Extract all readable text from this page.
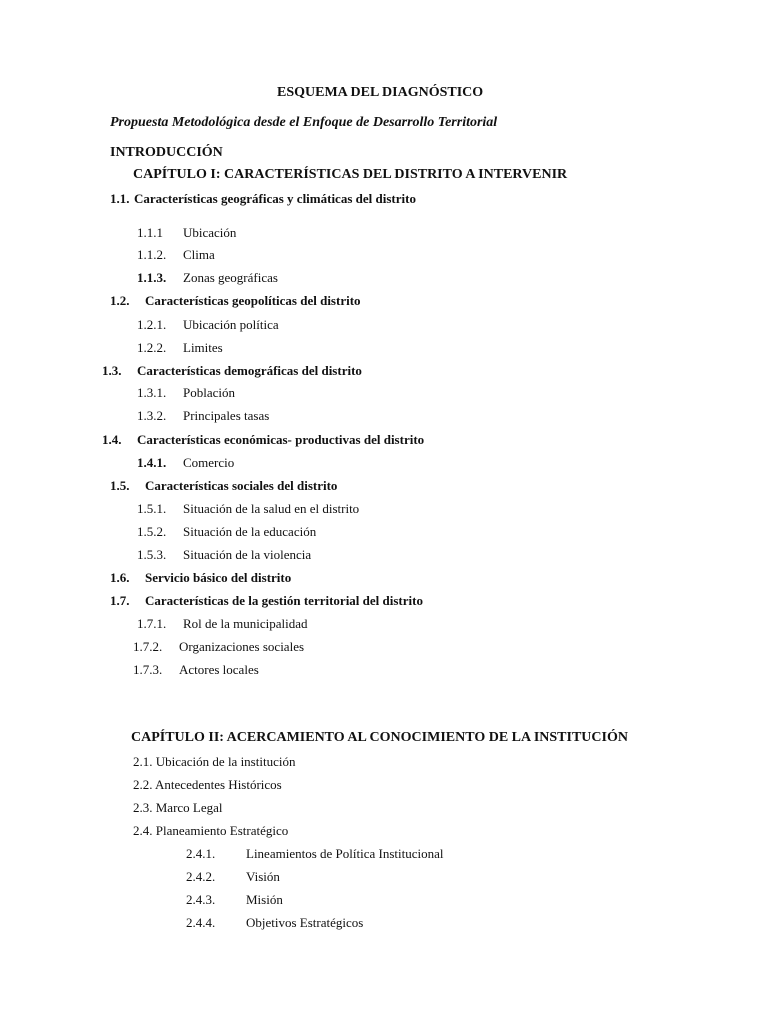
ESQUEMA DEL DIAGNÓSTICO
Propuesta Metodológica desde el Enfoque de Desarrollo Territorial
INTRODUCCIÓN
CAPÍTULO I: CARACTERÍSTICAS DEL DISTRITO A INTERVENIR
1.1. Características geográficas y climáticas del distrito
1.1.1 Ubicación
1.1.2. Clima
1.1.3. Zonas geográficas
1.2. Características geopolíticas del distrito
1.2.1. Ubicación política
1.2.2. Limites
1.3. Características demográficas del distrito
1.3.1. Población
1.3.2. Principales tasas
1.4. Características económicas- productivas del distrito
1.4.1. Comercio
1.5. Características sociales del distrito
1.5.1. Situación de la salud en el distrito
1.5.2. Situación de la educación
1.5.3. Situación de la violencia
1.6. Servicio básico del distrito
1.7. Características de la gestión territorial del distrito
1.7.1. Rol de la municipalidad
1.7.2. Organizaciones sociales
1.7.3. Actores locales
CAPÍTULO II: ACERCAMIENTO AL CONOCIMIENTO DE LA INSTITUCIÓN
2.1. Ubicación de la institución
2.2. Antecedentes Históricos
2.3. Marco Legal
2.4. Planeamiento Estratégico
2.4.1. Lineamientos de Política Institucional
2.4.2. Visión
2.4.3. Misión
2.4.4. Objetivos Estratégicos
